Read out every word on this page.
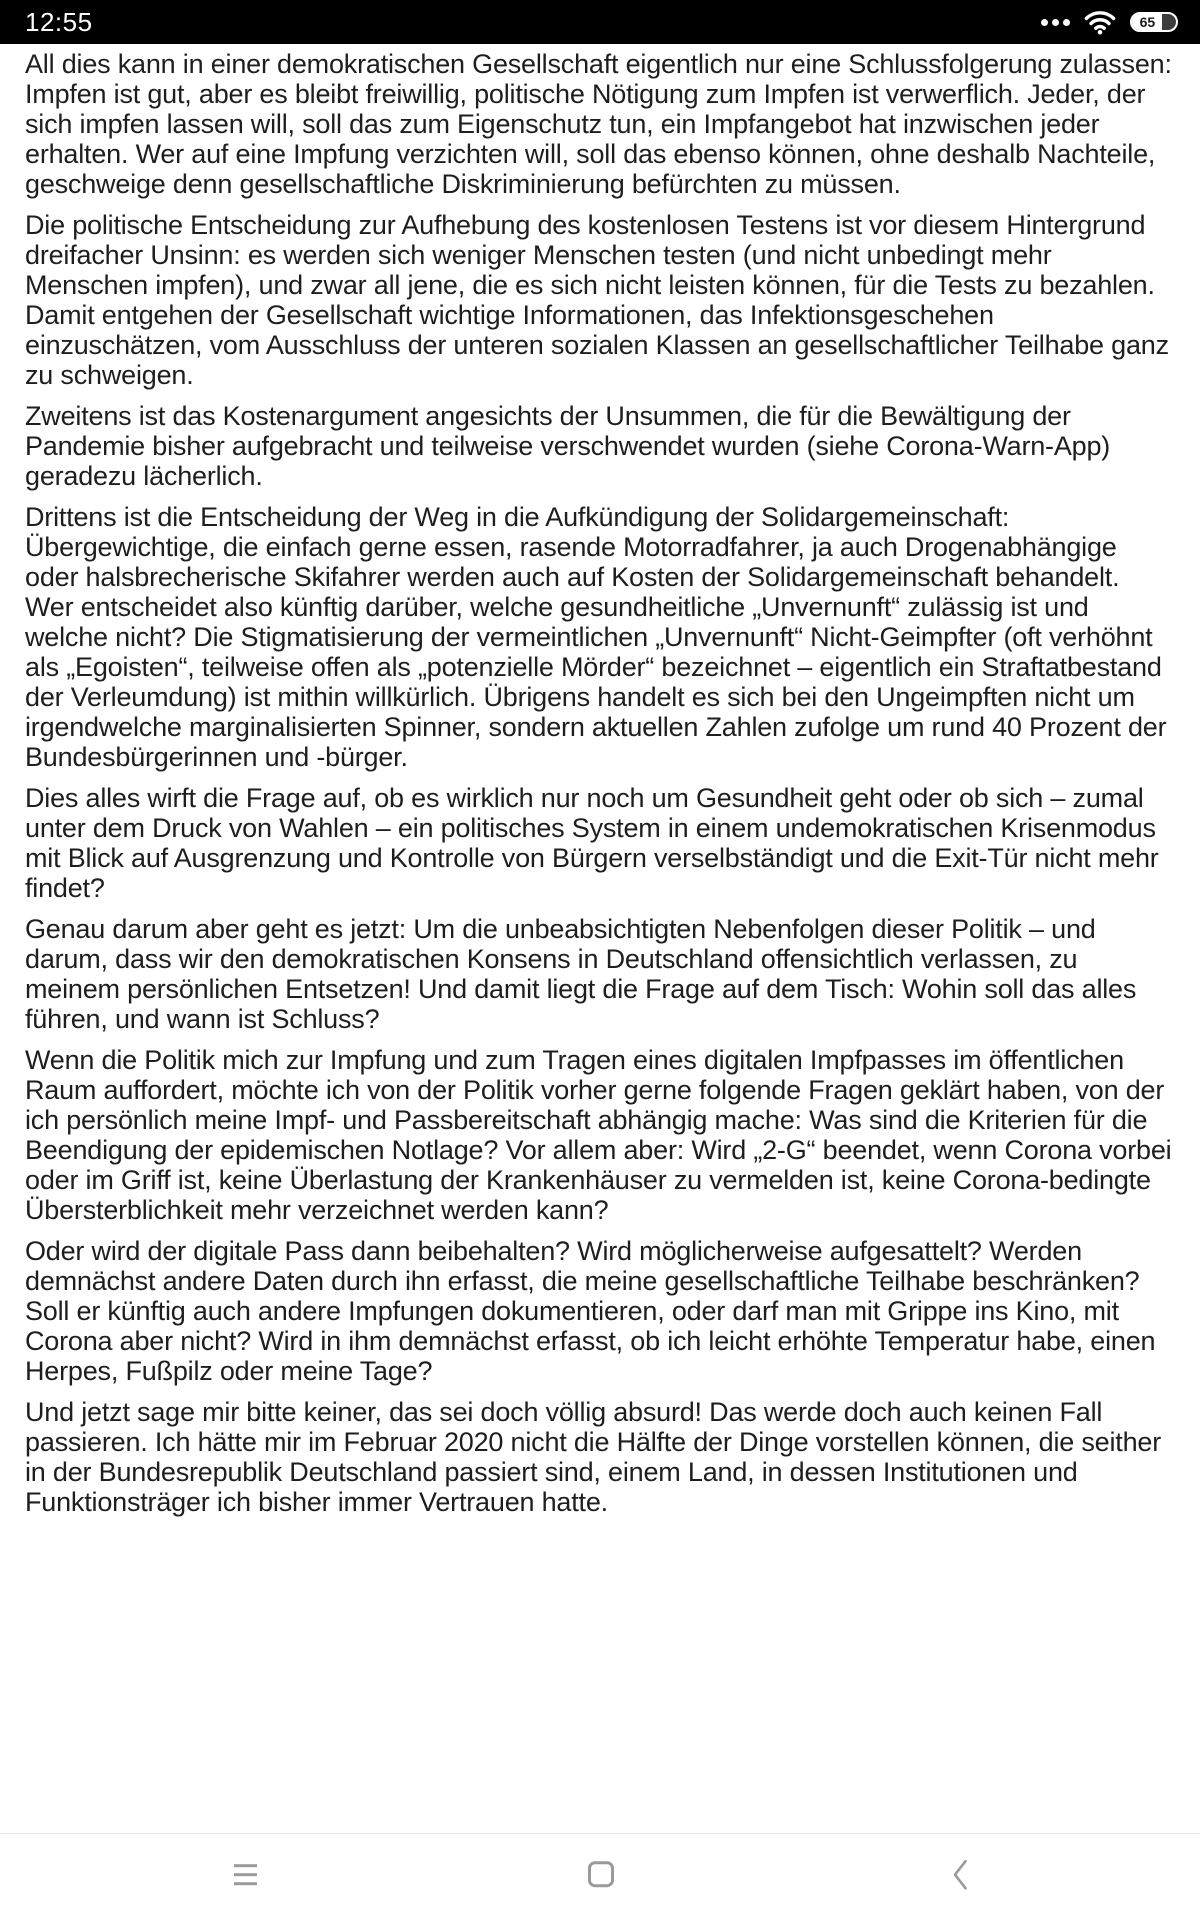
12:55	65

All dies kann in einer demokratischen Gesellschaft eigentlich nur eine Schlussfolgerung zulassen: Impfen ist gut, aber es bleibt freiwillig, politische Nötigung zum Impfen ist verwerflich. Jeder, der sich impfen lassen will, soll das zum Eigenschutz tun, ein Impfangebot hat inzwischen jeder erhalten. Wer auf eine Impfung verzichten will, soll das ebenso können, ohne deshalb Nachteile, geschweige denn gesellschaftliche Diskriminierung befürchten zu müssen.

Die politische Entscheidung zur Aufhebung des kostenlosen Testens ist vor diesem Hintergrund dreifacher Unsinn: es werden sich weniger Menschen testen (und nicht unbedingt mehr Menschen impfen), und zwar all jene, die es sich nicht leisten können, für die Tests zu bezahlen. Damit entgehen der Gesellschaft wichtige Informationen, das Infektionsgeschehen einzuschätzen, vom Ausschluss der unteren sozialen Klassen an gesellschaftlicher Teilhabe ganz zu schweigen.

Zweitens ist das Kostenargument angesichts der Unsummen, die für die Bewältigung der Pandemie bisher aufgebracht und teilweise verschwendet wurden (siehe Corona-Warn-App) geradezu lächerlich.

Drittens ist die Entscheidung der Weg in die Aufkündigung der Solidargemeinschaft: Übergewichtige, die einfach gerne essen, rasende Motorradfahrer, ja auch Drogenabhängige oder halsbrecherische Skifahrer werden auch auf Kosten der Solidargemeinschaft behandelt. Wer entscheidet also künftig darüber, welche gesundheitliche „Unvernunft“ zulässig ist und welche nicht? Die Stigmatisierung der vermeintlichen „Unvernunft“ Nicht-Geimpfter (oft verhöhnt als „Egoisten“, teilweise offen als „potenzielle Mörder“ bezeichnet – eigentlich ein Straftatbestand der Verleumdung) ist mithin willkürlich. Übrigens handelt es sich bei den Ungeimpften nicht um irgendwelche marginalisierten Spinner, sondern aktuellen Zahlen zufolge um rund 40 Prozent der Bundesbürgerinnen und -bürger.

Dies alles wirft die Frage auf, ob es wirklich nur noch um Gesundheit geht oder ob sich – zumal unter dem Druck von Wahlen – ein politisches System in einem undemokratischen Krisenmodus mit Blick auf Ausgrenzung und Kontrolle von Bürgern verselbständigt und die Exit-Tür nicht mehr findet?

Genau darum aber geht es jetzt: Um die unbeabsichtigten Nebenfolgen dieser Politik – und darum, dass wir den demokratischen Konsens in Deutschland offensichtlich verlassen, zu meinem persönlichen Entsetzen! Und damit liegt die Frage auf dem Tisch: Wohin soll das alles führen, und wann ist Schluss?

Wenn die Politik mich zur Impfung und zum Tragen eines digitalen Impfpasses im öffentlichen Raum auffordert, möchte ich von der Politik vorher gerne folgende Fragen geklärt haben, von der ich persönlich meine Impf- und Passbereitschaft abhängig mache: Was sind die Kriterien für die Beendigung der epidemischen Notlage? Vor allem aber: Wird „2-G“ beendet, wenn Corona vorbei oder im Griff ist, keine Überlastung der Krankenhäuser zu vermelden ist, keine Corona-bedingte Übersterblichkeit mehr verzeichnet werden kann?

Oder wird der digitale Pass dann beibehalten? Wird möglicherweise aufgesattelt? Werden demnächst andere Daten durch ihn erfasst, die meine gesellschaftliche Teilhabe beschränken? Soll er künftig auch andere Impfungen dokumentieren, oder darf man mit Grippe ins Kino, mit Corona aber nicht? Wird in ihm demnächst erfasst, ob ich leicht erhöhte Temperatur habe, einen Herpes, Fußpilz oder meine Tage?

Und jetzt sage mir bitte keiner, das sei doch völlig absurd! Das werde doch auch keinen Fall passieren. Ich hätte mir im Februar 2020 nicht die Hälfte der Dinge vorstellen können, die seither in der Bundesrepublik Deutschland passiert sind, einem Land, in dessen Institutionen und Funktionsträger ich bisher immer Vertrauen hatte.
